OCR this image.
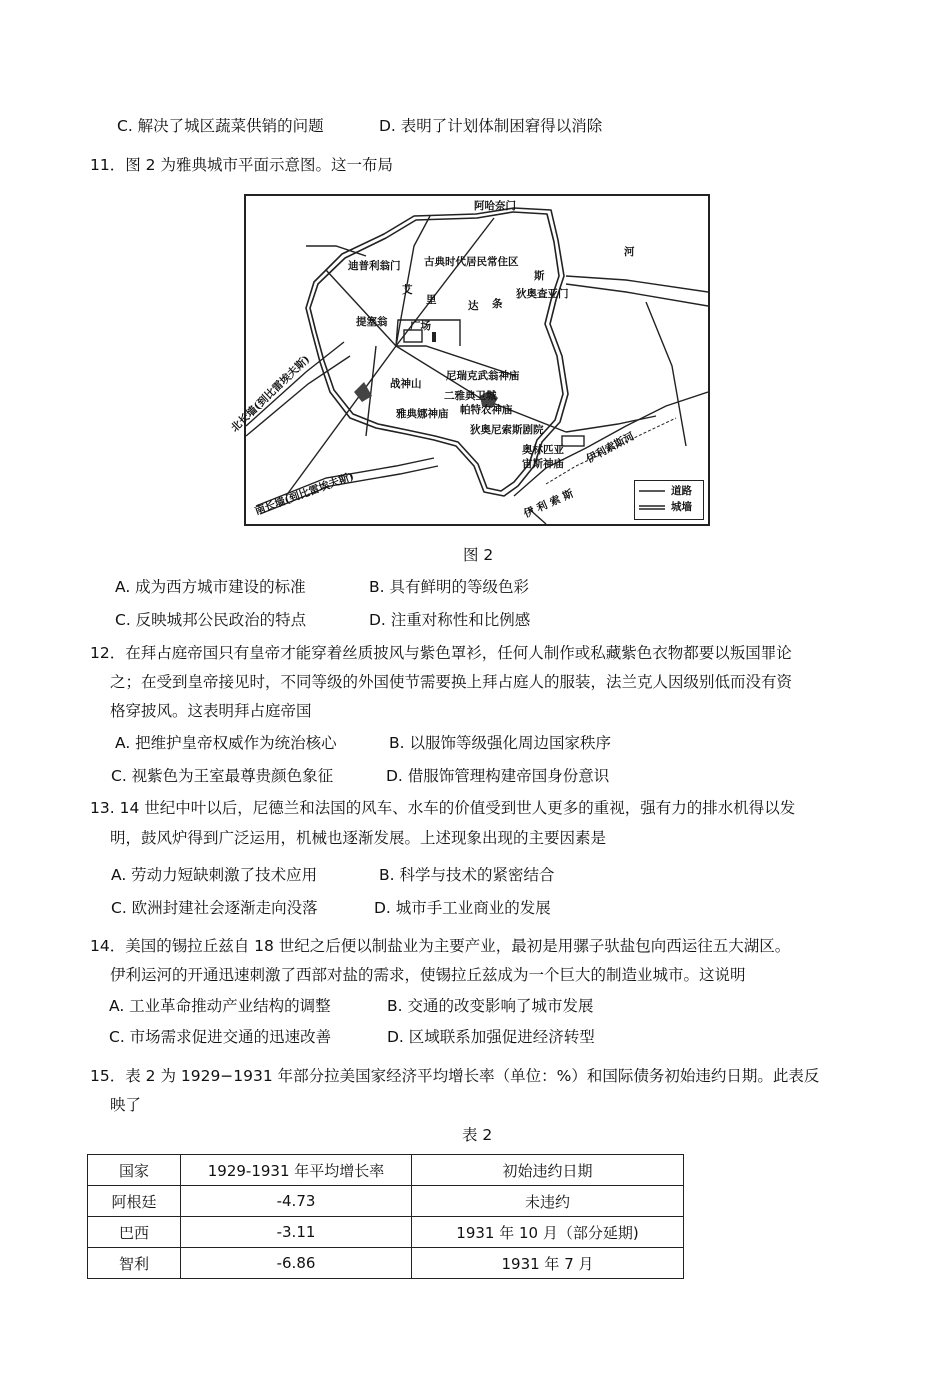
C. 解决了城区蔬菜供销的问题	D. 表明了计划体制困窘得以消除
11．图 2 为雅典城市平面示意图。这一布局
阿哈奈门
迪普利翁门 古典时代居民常住区
河
斯
狄奥查亚门
艾
里	达 条
提塞翁 广场
战神山
尼瑞克武翁神庙
二雅典卫城
帕特农神庙
雅典娜神庙
狄奥尼索斯剧院
奥林匹亚
宙斯神庙
北长墙(到比雷埃夫斯)
南长墙(到比雷埃夫斯)
伊利索斯河
伊 利 索 斯	道路
城墙
图 2
A. 成为西方城市建设的标准	B. 具有鲜明的等级色彩
C. 反映城邦公民政治的特点	D. 注重对称性和比例感
12．在拜占庭帝国只有皇帝才能穿着丝质披风与紫色罩衫，任何人制作或私藏紫色衣物都要以叛国罪论
之；在受到皇帝接见时，不同等级的外国使节需要换上拜占庭人的服装，法兰克人因级别低而没有资
格穿披风。这表明拜占庭帝国
A. 把维护皇帝权威作为统治核心	B. 以服饰等级强化周边国家秩序
C. 视紫色为王室最尊贵颜色象征	D. 借服饰管理构建帝国身份意识
13. 14 世纪中叶以后，尼德兰和法国的风车、水车的价值受到世人更多的重视，强有力的排水机得以发
明，鼓风炉得到广泛运用，机械也逐渐发展。上述现象出现的主要因素是
A. 劳动力短缺刺激了技术应用	B. 科学与技术的紧密结合
C. 欧洲封建社会逐渐走向没落	D. 城市手工业商业的发展
14．美国的锡拉丘兹自 18 世纪之后便以制盐业为主要产业，最初是用骡子驮盐包向西运往五大湖区。
伊利运河的开通迅速刺激了西部对盐的需求，使锡拉丘兹成为一个巨大的制造业城市。这说明
A. 工业革命推动产业结构的调整	B. 交通的改变影响了城市发展
C. 市场需求促进交通的迅速改善	D. 区域联系加强促进经济转型
15．表 2 为 1929−1931 年部分拉美国家经济平均增长率（单位：%）和国际债务初始违约日期。此表反
映了
表 2
国家	1929-1931 年平均增长率	初始违约日期
阿根廷	-4.73	未违约
巴西	-3.11	1931 年 10 月（部分延期)
智利	-6.86	1931 年 7 月
